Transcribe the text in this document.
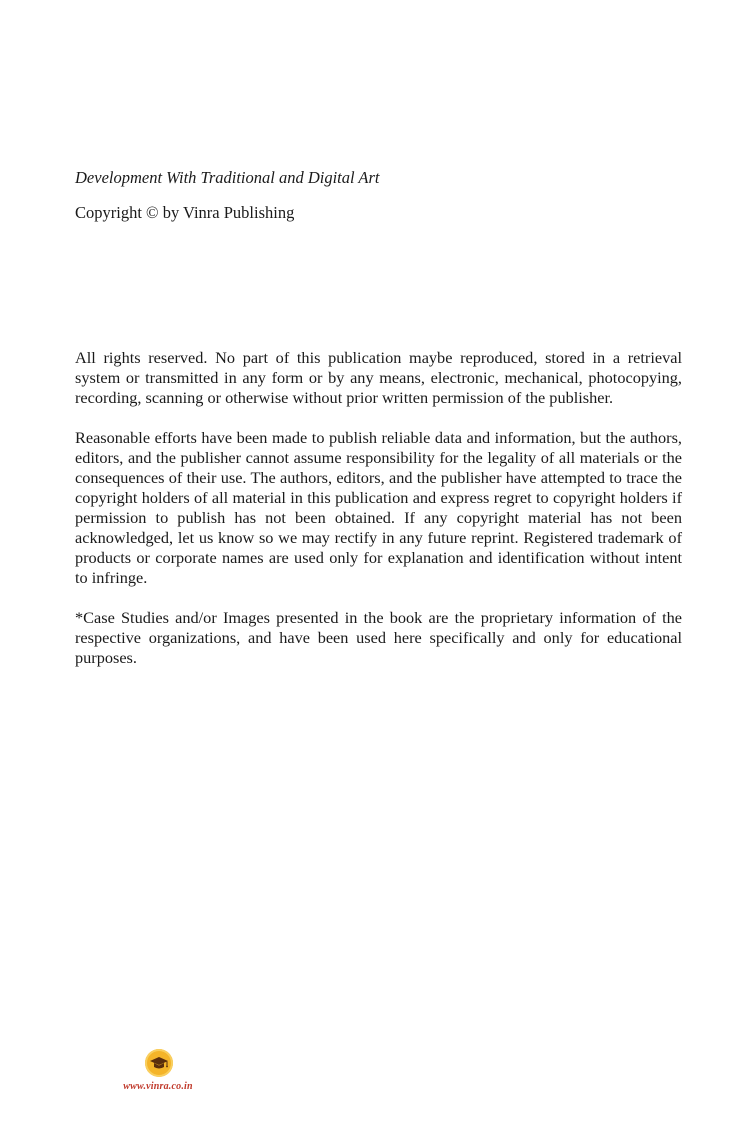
Development With Traditional and Digital Art

Copyright © by Vinra Publishing

All rights reserved. No part of this publication maybe reproduced, stored in a retrieval system or transmitted in any form or by any means, electronic, mechanical, photocopying, recording, scanning or otherwise without prior written permission of the publisher.

Reasonable efforts have been made to publish reliable data and information, but the authors, editors, and the publisher cannot assume responsibility for the legality of all materials or the consequences of their use. The authors, editors, and the publisher have attempted to trace the copyright holders of all material in this publication and express regret to copyright holders if permission to publish has not been obtained. If any copyright material has not been acknowledged, let us know so we may rectify in any future reprint. Registered trademark of products or corporate names are used only for explanation and identification without intent to infringe.

*Case Studies and/or Images presented in the book are the proprietary information of the respective organizations, and have been used here specifically and only for educational purposes.

www.vinra.co.in
